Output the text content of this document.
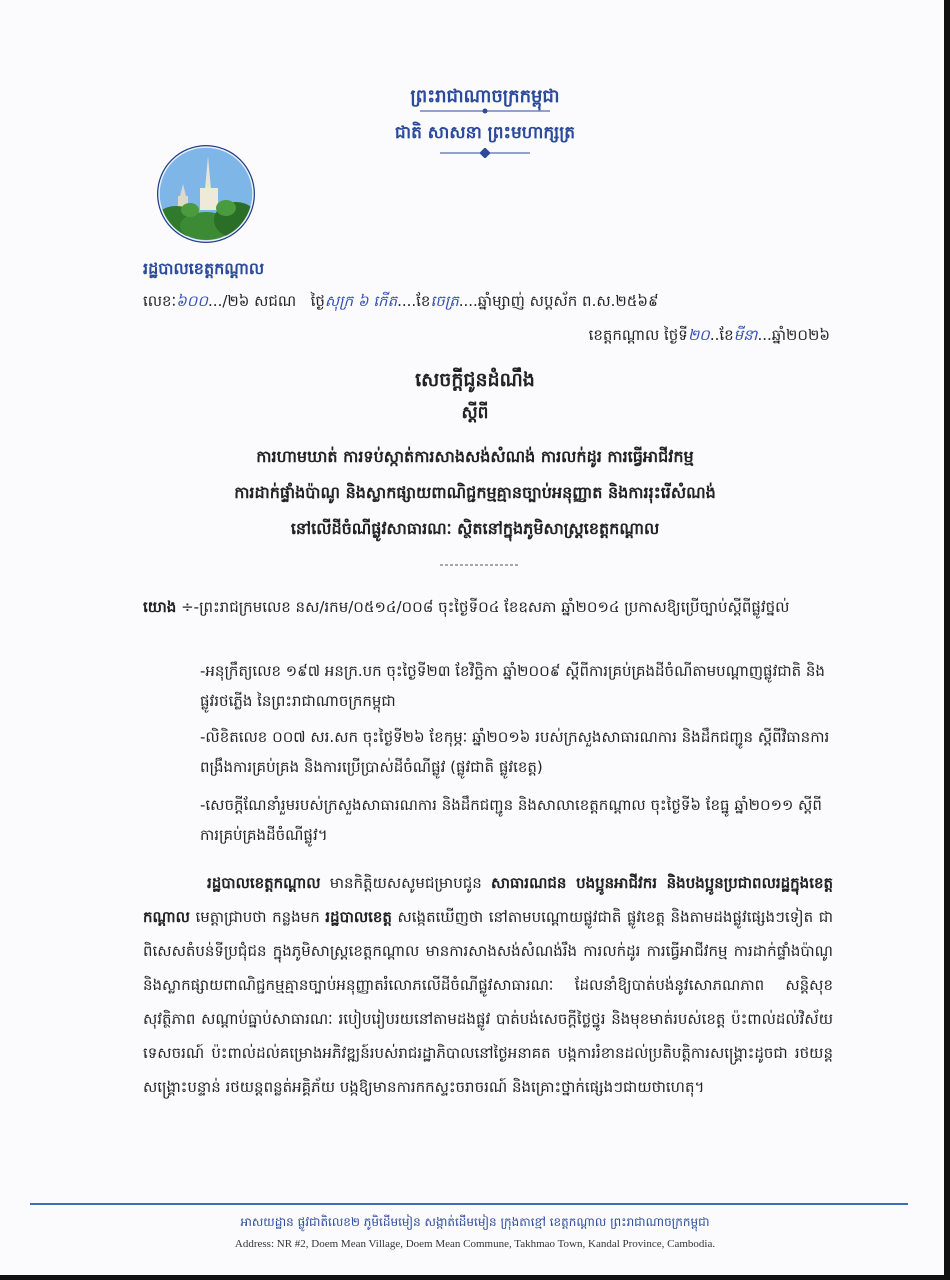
ព្រះរាជាណាចក្រកម្ពុជា
ជាតិ សាសនា ព្រះមហាក្សត្រ
រដ្ឋបាលខេត្តកណ្ដាល
លេខៈ៦០០.../២៦ សជណ ថ្ងៃសុក្រ ៦ កើត....ខែចេត្រ....ឆ្នាំម្សាញ់ សប្តស័ក ព.ស.២៥៦៩
ខេត្តកណ្ដាល ថ្ងៃទី២០..ខែមីនា...ឆ្នាំ២០២៦
សេចក្តីជូនដំណឹង
ស្តីពី
ការហាមឃាត់ ការទប់ស្កាត់ការសាងសង់សំណង់ ការលក់ដូរ ការធ្វើអាជីវកម្ម
ការដាក់ផ្ទាំងប៉ាណូ និងស្លាកផ្សាយពាណិជ្ជកម្មគ្មានច្បាប់អនុញ្ញាត និងការរុះរើសំណង់
នៅលើដីចំណីផ្លូវសាធារណៈ ស្ថិតនៅក្នុងភូមិសាស្ត្រខេត្តកណ្ដាល
យោង ÷-ព្រះរាជក្រមលេខ នស/រកម/០៥១៤/០០៨ ចុះថ្ងៃទី០៤ ខែឧសភា ឆ្នាំ២០១៤ ប្រកាសឱ្យប្រើច្បាប់ស្តីពីផ្លូវថ្នល់
-អនុក្រឹត្យលេខ ១៩៧ អនក្រ.បក ចុះថ្ងៃទី២៣ ខែវិច្ឆិកា ឆ្នាំ២០០៩ ស្តីពីការគ្រប់គ្រងដីចំណីតាមបណ្តាញផ្លូវជាតិ និងផ្លូវរថភ្លើង នៃព្រះរាជាណាចក្រកម្ពុជា
-លិខិតលេខ ០០៧ សរ.សក ចុះថ្ងៃទី២៦ ខែកុម្ភៈ ឆ្នាំ២០១៦ របស់ក្រសួងសាធារណការ និងដឹកជញ្ជូន ស្តីពីវិធានការពង្រឹងការគ្រប់គ្រង និងការប្រើប្រាស់ដីចំណីផ្លូវ (ផ្លូវជាតិ ផ្លូវខេត្ត)
-សេចក្តីណែនាំរួមរបស់ក្រសួងសាធារណការ និងដឹកជញ្ជូន និងសាលាខេត្តកណ្ដាល ចុះថ្ងៃទី៦ ខែធ្នូ ឆ្នាំ២០១១ ស្តីពីការគ្រប់គ្រងដីចំណីផ្លូវ។
រដ្ឋបាលខេត្តកណ្ដាល មានកិត្តិយសសូមជម្រាបជូន សាធារណជន បងប្អូនអាជីវករ និងបងប្អូនប្រជាពលរដ្ឋក្នុងខេត្តកណ្ដាល មេត្តាជ្រាបថា កន្លងមក រដ្ឋបាលខេត្ត សង្កេតឃើញថា នៅតាមបណ្តោយផ្លូវជាតិ ផ្លូវខេត្ត និងតាមដងផ្លូវផ្សេងៗទៀត ជាពិសេសតំបន់ទីប្រជុំជន ក្នុងភូមិសាស្ត្រខេត្តកណ្ដាល មានការសាងសង់សំណង់រឹង ការលក់ដូរ ការធ្វើអាជីវកម្ម ការដាក់ផ្ទាំងប៉ាណូ និងស្លាកផ្សាយពាណិជ្ជកម្មគ្មានច្បាប់អនុញ្ញាតរំលោភលើដីចំណីផ្លូវសាធារណៈ ដែលនាំឱ្យបាត់បង់នូវសោភណភាព សន្តិសុខ សុវត្ថិភាព សណ្តាប់ធ្នាប់សាធារណៈ របៀបរៀបរយនៅតាមដងផ្លូវ បាត់បង់សេចក្តីថ្លៃថ្នូរ និងមុខមាត់របស់ខេត្ត ប៉ះពាល់ដល់វិស័យទេសចរណ៍ ប៉ះពាល់ដល់គម្រោងអភិវឌ្ឍន៍របស់រាជរដ្ឋាភិបាលនៅថ្ងៃអនាគត បង្កការរំខានដល់ប្រតិបត្តិការសង្គ្រោះដូចជា រថយន្តសង្គ្រោះបន្ទាន់ រថយន្តពន្លត់អគ្គិភ័យ បង្កឱ្យមានការកកស្ទះចរាចរណ៍ និងគ្រោះថ្នាក់ផ្សេងៗជាយថាហេតុ។
អាសយដ្ឋាន ផ្លូវជាតិលេខ២ ភូមិដើមមៀន សង្កាត់ដើមមៀន ក្រុងតាខ្មៅ ខេត្តកណ្ដាល ព្រះរាជាណាចក្រកម្ពុជា
Address: NR #2, Doem Mean Village, Doem Mean Commune, Takhmao Town, Kandal Province, Cambodia.
